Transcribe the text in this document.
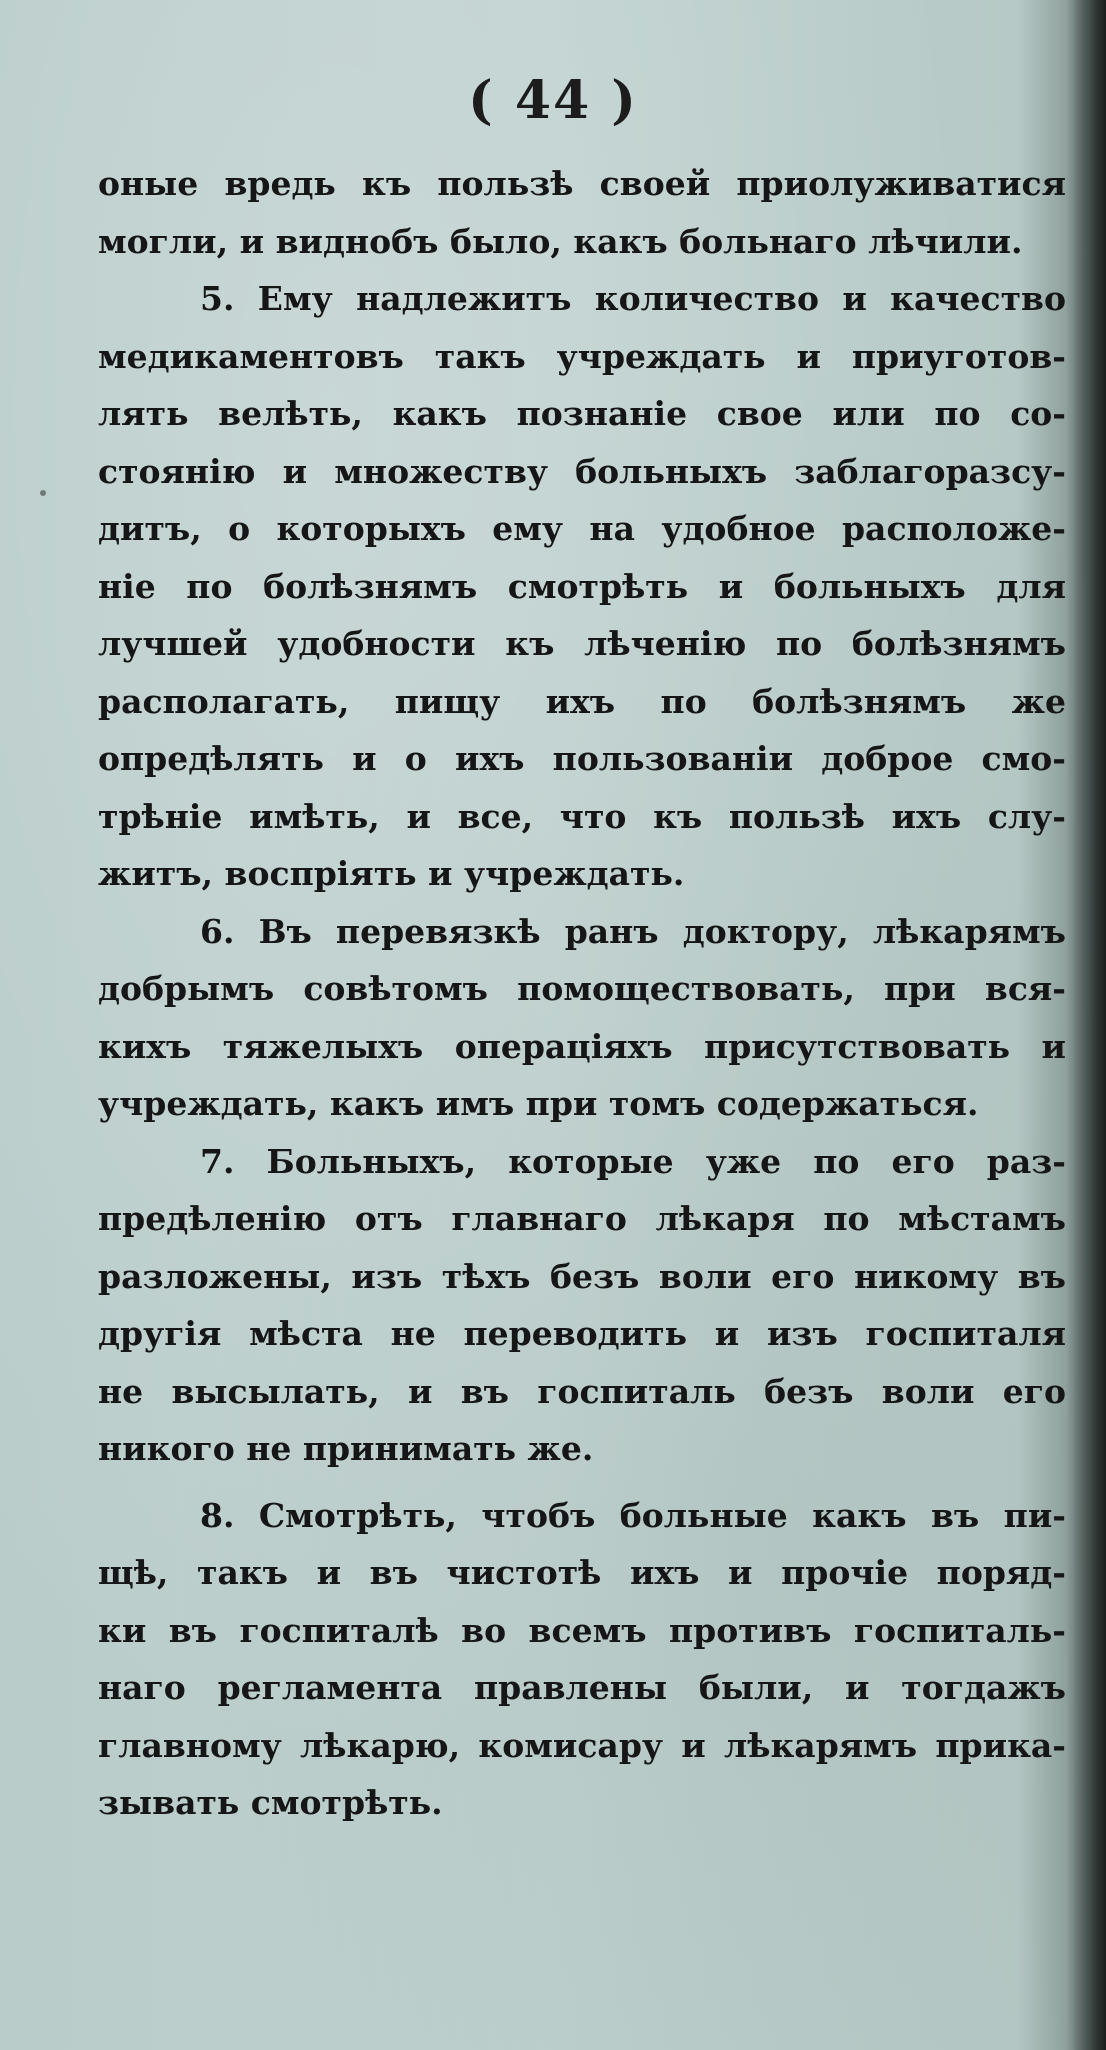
( 44 )
оные вредь къ пользѣ своей приолуживатися
могли, и виднобъ было, какъ больнаго лѣчили.
5. Ему надлежитъ количество и качество
медикаментовъ такъ учреждать и приуготов-
лять велѣть, какъ познаніе свое или по со-
стоянію и множеству больныхъ заблагоразсу-
дитъ, о которыхъ ему на удобное расположе-
ніе по болѣзнямъ смотрѣть и больныхъ для
лучшей удобности къ лѣченію по болѣзнямъ
располагать, пищу ихъ по болѣзнямъ же
опредѣлять и о ихъ пользованіи доброе смо-
трѣніе имѣть, и все, что къ пользѣ ихъ слу-
житъ, воспріять и учреждать.
6. Въ перевязкѣ ранъ доктору, лѣкарямъ
добрымъ совѣтомъ помоществовать, при вся-
кихъ тяжелыхъ операціяхъ присутствовать и
учреждать, какъ имъ при томъ содержаться.
7. Больныхъ, которые уже по его раз-
предѣленію отъ главнаго лѣкаря по мѣстамъ
разложены, изъ тѣхъ безъ воли его никому въ
другія мѣста не переводить и изъ госпиталя
не высылать, и въ госпиталь безъ воли его
никого не принимать же.
8. Смотрѣть, чтобъ больные какъ въ пи-
щѣ, такъ и въ чистотѣ ихъ и прочіе поряд-
ки въ госпиталѣ во всемъ противъ госпиталь-
наго регламента правлены были, и тогдажъ
главному лѣкарю, комисару и лѣкарямъ прика-
зывать смотрѣть.
